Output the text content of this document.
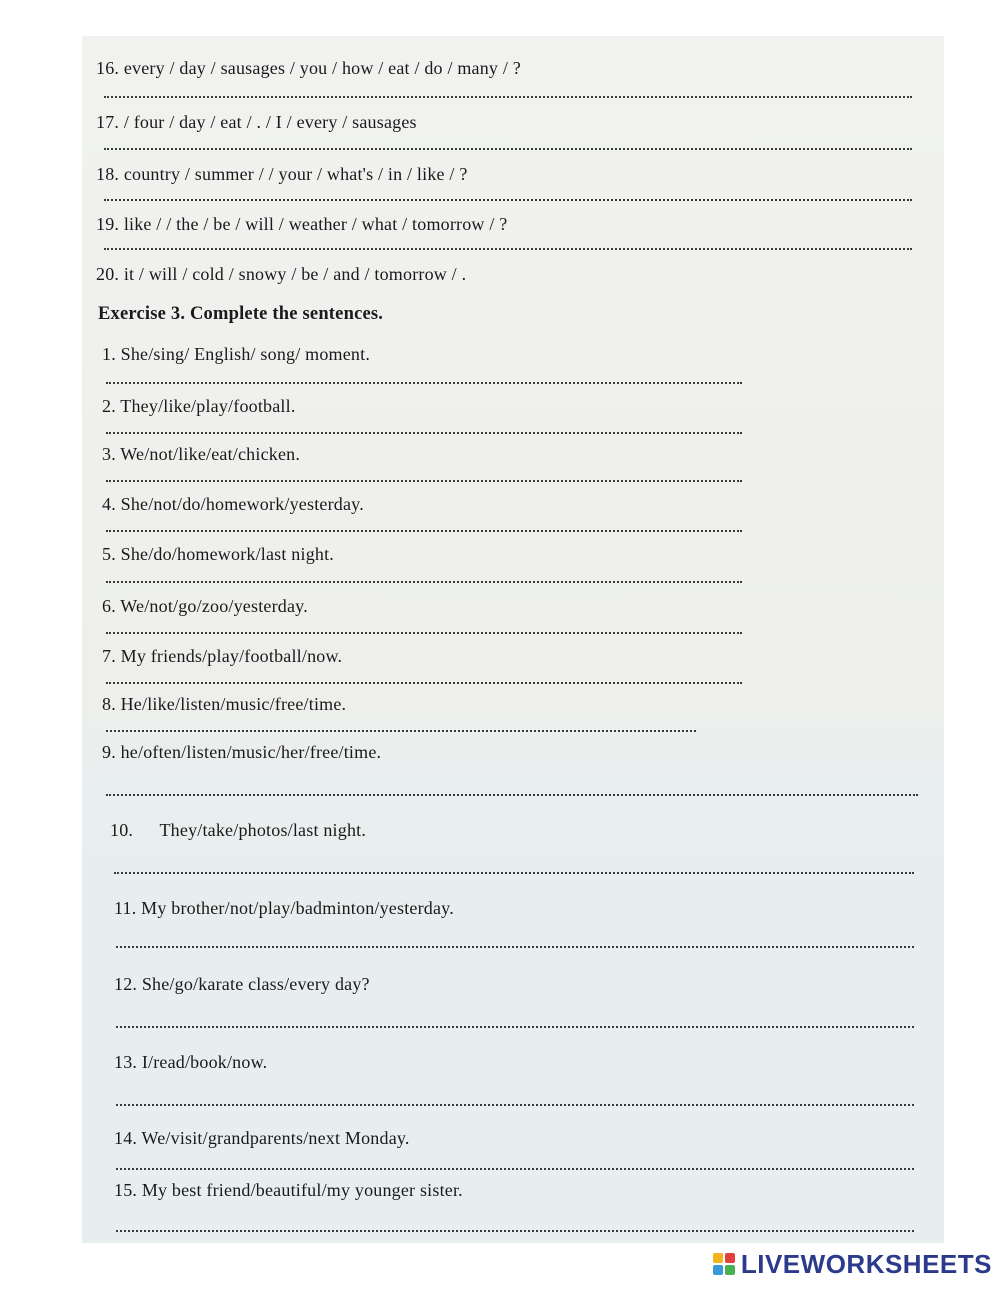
16. every / day / sausages / you / how / eat / do / many / ?
17. / four / day / eat / . / I / every / sausages
18. country / summer / / your / what's / in / like / ?
19. like / / the / be / will / weather / what / tomorrow / ?
20. it / will / cold / snowy / be / and / tomorrow / .
Exercise 3. Complete the sentences.
1. She/sing/ English/ song/ moment.
2. They/like/play/football.
3. We/not/like/eat/chicken.
4. She/not/do/homework/yesterday.
5. She/do/homework/last night.
6. We/not/go/zoo/yesterday.
7. My friends/play/football/now.
8. He/like/listen/music/free/time.
9. he/often/listen/music/her/free/time.
10. They/take/photos/last night.
11. My brother/not/play/badminton/yesterday.
12. She/go/karate class/every day?
13. I/read/book/now.
14. We/visit/grandparents/next Monday.
15. My best friend/beautiful/my younger sister.
LIVEWORKSHEETS
